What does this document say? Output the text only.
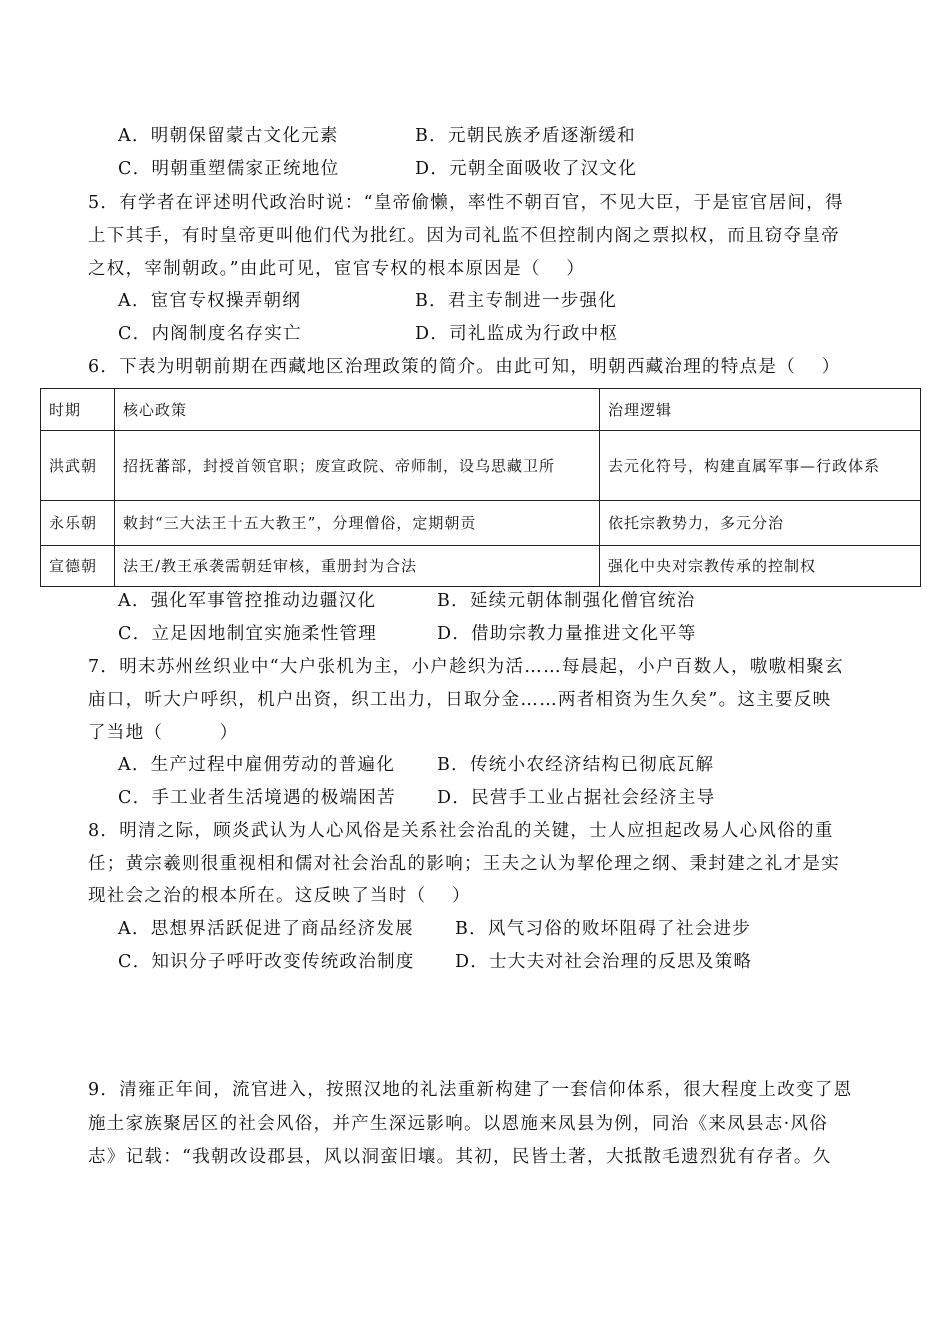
A．明朝保留蒙古文化元素	B．元朝民族矛盾逐渐缓和
C．明朝重塑儒家正统地位	D．元朝全面吸收了汉文化
5．有学者在评述明代政治时说：“皇帝偷懒，率性不朝百官，不见大臣，于是宦官居间，得
上下其手，有时皇帝更叫他们代为批红。因为司礼监不但控制内阁之票拟权，而且窃夺皇帝
之权，宰制朝政。”由此可见，宦官专权的根本原因是（　 ）
A．宦官专权操弄朝纲	B．君主专制进一步强化
C．内阁制度名存实亡	D．司礼监成为行政中枢
6．下表为明朝前期在西藏地区治理政策的简介。由此可知，明朝西藏治理的特点是（　 ）
时期	核心政策	治理逻辑
洪武朝	招抚蕃部，封授首领官职；废宣政院、帝师制，设乌思藏卫所	去元化符号，构建直属军事—行政体系
永乐朝	敕封“三大法王十五大教王”，分理僧俗，定期朝贡	依托宗教势力，多元分治
宣德朝	法王/教王承袭需朝廷审核，重册封为合法	强化中央对宗教传承的控制权
A．强化军事管控推动边疆汉化	B．延续元朝体制强化僧官统治
C．立足因地制宜实施柔性管理	D．借助宗教力量推进文化平等
7．明末苏州丝织业中“大户张机为主，小户趁织为活……每晨起，小户百数人，嗷嗷相聚玄
庙口，听大户呼织，机户出资，织工出力，日取分金……两者相资为生久矣”。这主要反映
了当地（　　　）
A．生产过程中雇佣劳动的普遍化 B．传统小农经济结构已彻底瓦解
C．手工业者生活境遇的极端困苦 D．民营手工业占据社会经济主导
8．明清之际，顾炎武认为人心风俗是关系社会治乱的关键，士人应担起改易人心风俗的重
任；黄宗羲则很重视相和儒对社会治乱的影响；王夫之认为挈伦理之纲、秉封建之礼才是实
现社会之治的根本所在。这反映了当时（　 ）
A．思想界活跃促进了商品经济发展 B．风气习俗的败坏阻碍了社会进步
C．知识分子呼吁改变传统政治制度 D．士大夫对社会治理的反思及策略
9．清雍正年间，流官进入，按照汉地的礼法重新构建了一套信仰体系，很大程度上改变了恩
施土家族聚居区的社会风俗，并产生深远影响。以恩施来凤县为例，同治《来凤县志·风俗
志》记载：“我朝改设郡县，风以洞蛮旧壤。其初，民皆土著，大抵散毛遗烈犹有存者。久
